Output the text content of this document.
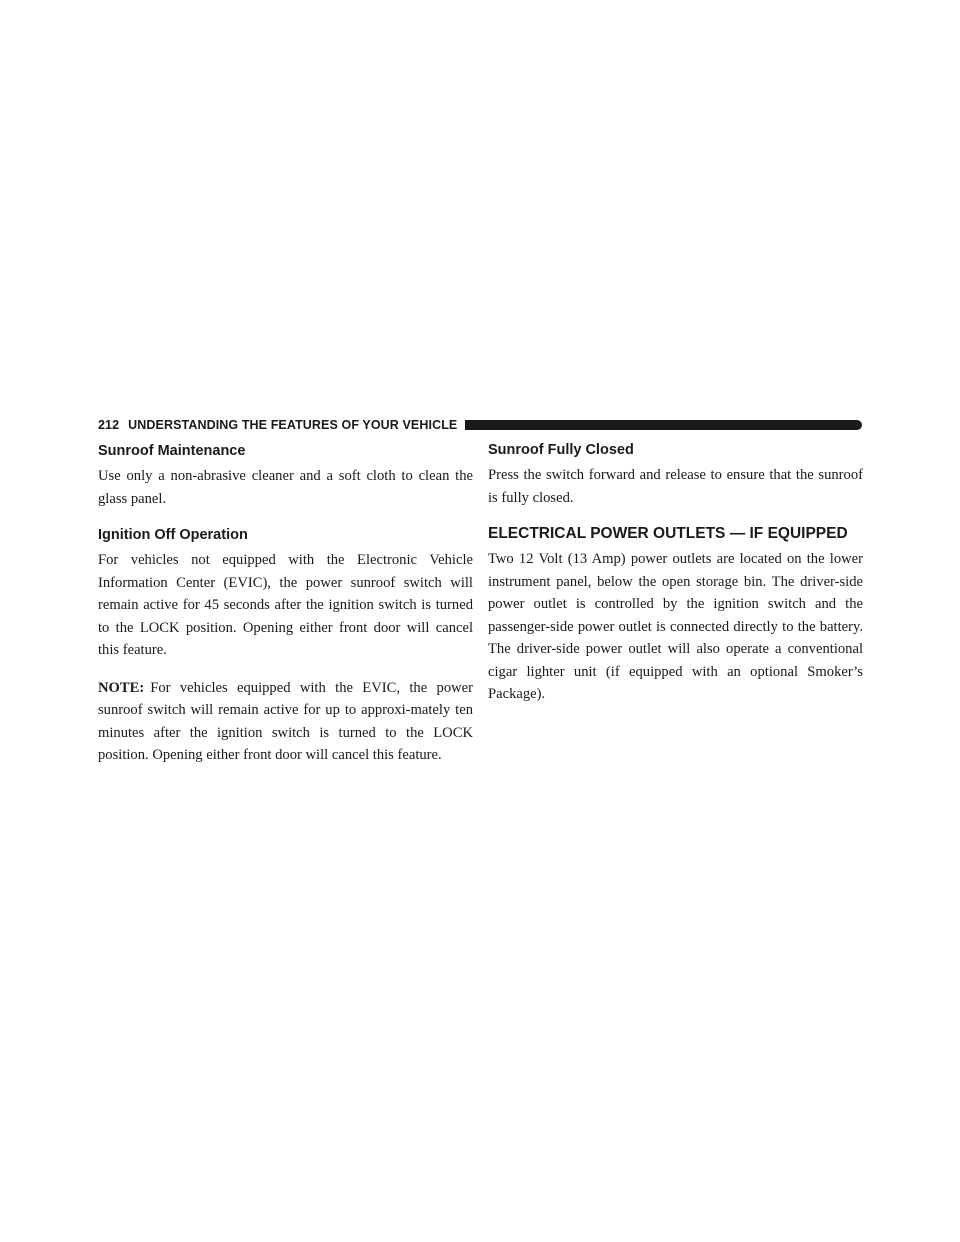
212 UNDERSTANDING THE FEATURES OF YOUR VEHICLE
Sunroof Maintenance

Use only a non-abrasive cleaner and a soft cloth to clean the glass panel.

Ignition Off Operation

For vehicles not equipped with the Electronic Vehicle Information Center (EVIC), the power sunroof switch will remain active for 45 seconds after the ignition switch is turned to the LOCK position. Opening either front door will cancel this feature.

NOTE: For vehicles equipped with the EVIC, the power sunroof switch will remain active for up to approxi-mately ten minutes after the ignition switch is turned to the LOCK position. Opening either front door will cancel this feature.

Sunroof Fully Closed

Press the switch forward and release to ensure that the sunroof is fully closed.

ELECTRICAL POWER OUTLETS — IF EQUIPPED

Two 12 Volt (13 Amp) power outlets are located on the lower instrument panel, below the open storage bin. The driver-side power outlet is controlled by the ignition switch and the passenger-side power outlet is connected directly to the battery. The driver-side power outlet will also operate a conventional cigar lighter unit (if equipped with an optional Smoker’s Package).
